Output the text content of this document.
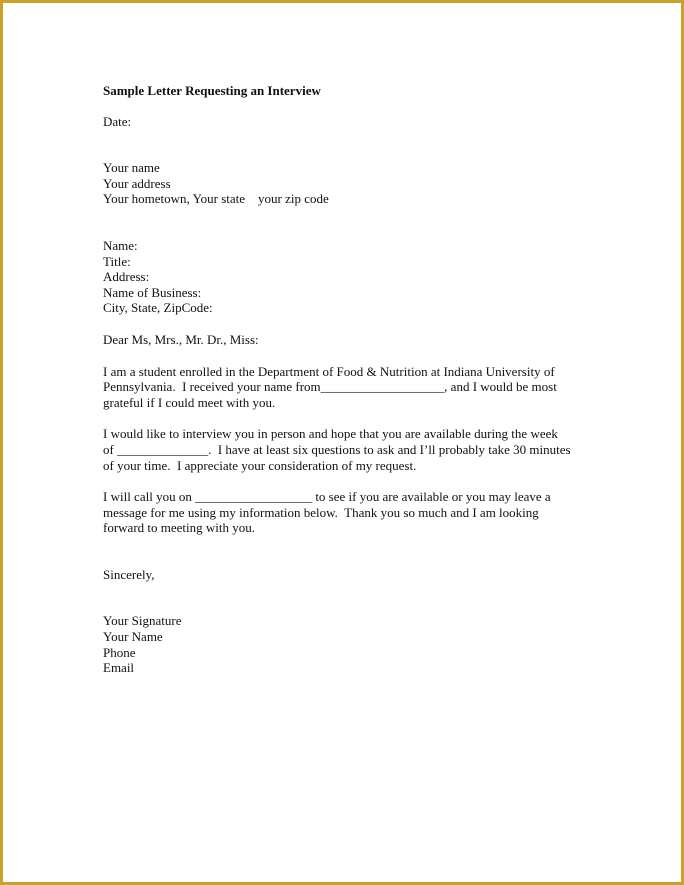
Sample Letter Requesting an Interview
Date:
Your name
Your address
Your hometown, Your state    your zip code
Name:
Title:
Address:
Name of Business:
City, State, ZipCode:
Dear Ms, Mrs., Mr. Dr., Miss:
I am a student enrolled in the Department of Food & Nutrition at Indiana University of
Pennsylvania.  I received your name from___________________, and I would be most
grateful if I could meet with you.
I would like to interview you in person and hope that you are available during the week
of ______________.  I have at least six questions to ask and I’ll probably take 30 minutes
of your time.  I appreciate your consideration of my request.
I will call you on __________________ to see if you are available or you may leave a
message for me using my information below.  Thank you so much and I am looking
forward to meeting with you.
Sincerely,
Your Signature
Your Name
Phone
Email
